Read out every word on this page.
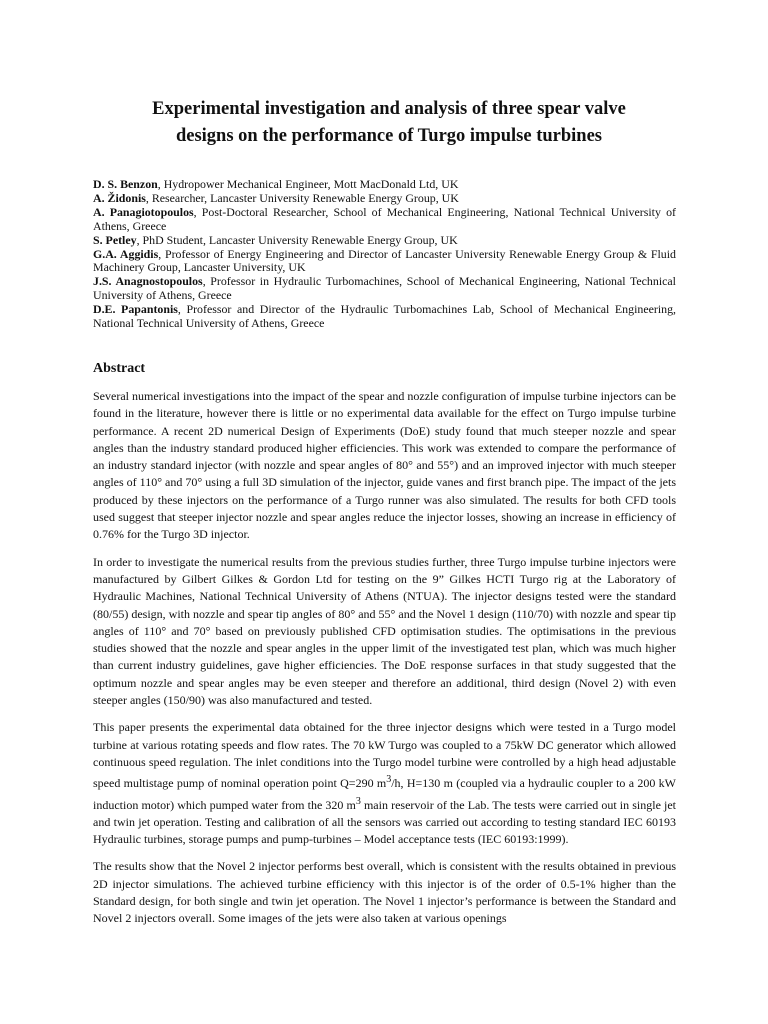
Experimental investigation and analysis of three spear valve
designs on the performance of Turgo impulse turbines

D. S. Benzon, Hydropower Mechanical Engineer, Mott MacDonald Ltd, UK

A. Židonis, Researcher, Lancaster University Renewable Energy Group, UK

A. Panagiotopoulos, Post-Doctoral Researcher, School of Mechanical Engineering, National Technical University of Athens, Greece

S. Petley, PhD Student, Lancaster University Renewable Energy Group, UK

G.A. Aggidis, Professor of Energy Engineering and Director of Lancaster University Renewable Energy Group & Fluid Machinery Group, Lancaster University, UK

J.S. Anagnostopoulos, Professor in Hydraulic Turbomachines, School of Mechanical Engineering, National Technical University of Athens, Greece

D.E. Papantonis, Professor and Director of the Hydraulic Turbomachines Lab, School of Mechanical Engineering, National Technical University of Athens, Greece

Abstract

Several numerical investigations into the impact of the spear and nozzle configuration of impulse turbine injectors can be found in the literature, however there is little or no experimental data available for the effect on Turgo impulse turbine performance. A recent 2D numerical Design of Experiments (DoE) study found that much steeper nozzle and spear angles than the industry standard produced higher efficiencies. This work was extended to compare the performance of an industry standard injector (with nozzle and spear angles of 80° and 55°) and an improved injector with much steeper angles of 110° and 70° using a full 3D simulation of the injector, guide vanes and first branch pipe. The impact of the jets produced by these injectors on the performance of a Turgo runner was also simulated. The results for both CFD tools used suggest that steeper injector nozzle and spear angles reduce the injector losses, showing an increase in efficiency of 0.76% for the Turgo 3D injector.

In order to investigate the numerical results from the previous studies further, three Turgo impulse turbine injectors were manufactured by Gilbert Gilkes & Gordon Ltd for testing on the 9” Gilkes HCTI Turgo rig at the Laboratory of Hydraulic Machines, National Technical University of Athens (NTUA). The injector designs tested were the standard (80/55) design, with nozzle and spear tip angles of 80° and 55° and the Novel 1 design (110/70) with nozzle and spear tip angles of 110° and 70° based on previously published CFD optimisation studies. The optimisations in the previous studies showed that the nozzle and spear angles in the upper limit of the investigated test plan, which was much higher than current industry guidelines, gave higher efficiencies. The DoE response surfaces in that study suggested that the optimum nozzle and spear angles may be even steeper and therefore an additional, third design (Novel 2) with even steeper angles (150/90) was also manufactured and tested.

This paper presents the experimental data obtained for the three injector designs which were tested in a Turgo model turbine at various rotating speeds and flow rates. The 70 kW Turgo was coupled to a 75kW DC generator which allowed continuous speed regulation. The inlet conditions into the Turgo model turbine were controlled by a high head adjustable speed multistage pump of nominal operation point Q=290 $m^3/h$, H=130 m (coupled via a hydraulic coupler to a 200 kW induction motor) which pumped water from the 320 $m^3$ main reservoir of the Lab. The tests were carried out in single jet and twin jet operation. Testing and calibration of all the sensors was carried out according to testing standard IEC 60193 Hydraulic turbines, storage pumps and pump-turbines – Model acceptance tests (IEC 60193:1999).

The results show that the Novel 2 injector performs best overall, which is consistent with the results obtained in previous 2D injector simulations. The achieved turbine efficiency with this injector is of the order of 0.5-1% higher than the Standard design, for both single and twin jet operation. The Novel 1 injector’s performance is between the Standard and Novel 2 injectors overall. Some images of the jets were also taken at various openings
